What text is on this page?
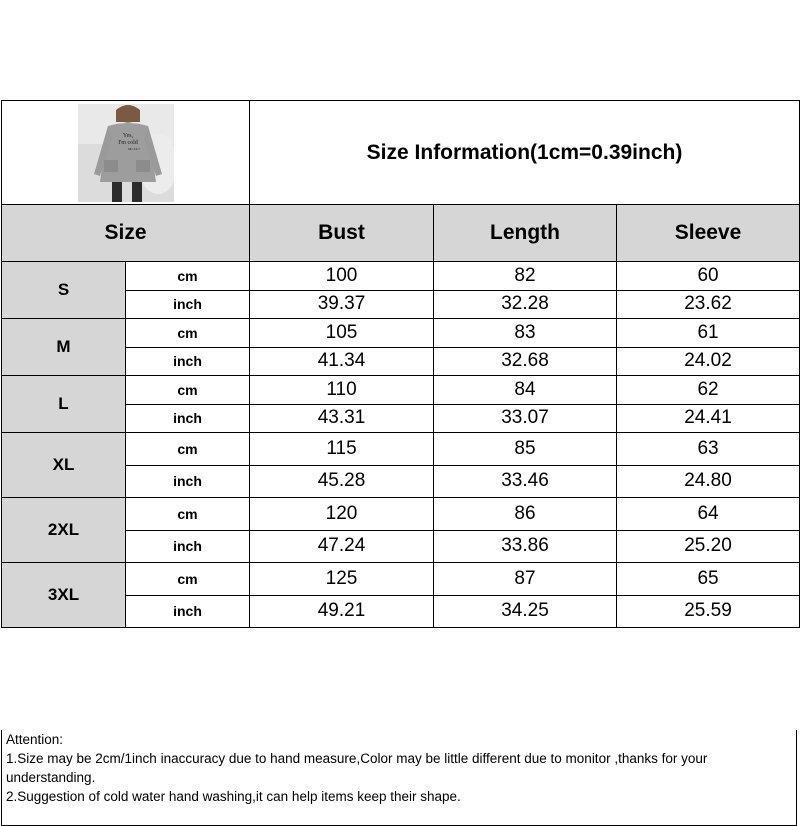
Yes,
I'm cold
Me 24:7		Size Information(1cm=0.39inch)		
Size		Bust	Length	Sleeve
S	cm	100	82	60
	inch	39.37	32.28	23.62
M	cm	105	83	61
	inch	41.34	32.68	24.02
L	cm	110	84	62
	inch	43.31	33.07	24.41
XL	cm	115	85	63
	inch	45.28	33.46	24.80
2XL	cm	120	86	64
	inch	47.24	33.86	25.20
3XL	cm	125	87	65
	inch	49.21	34.25	25.59
Attention:
1.Size may be 2cm/1inch inaccuracy due to hand measure,Color may be little different due to monitor ,thanks for your understanding.
2.Suggestion of cold water hand washing,it can help items keep their shape.
